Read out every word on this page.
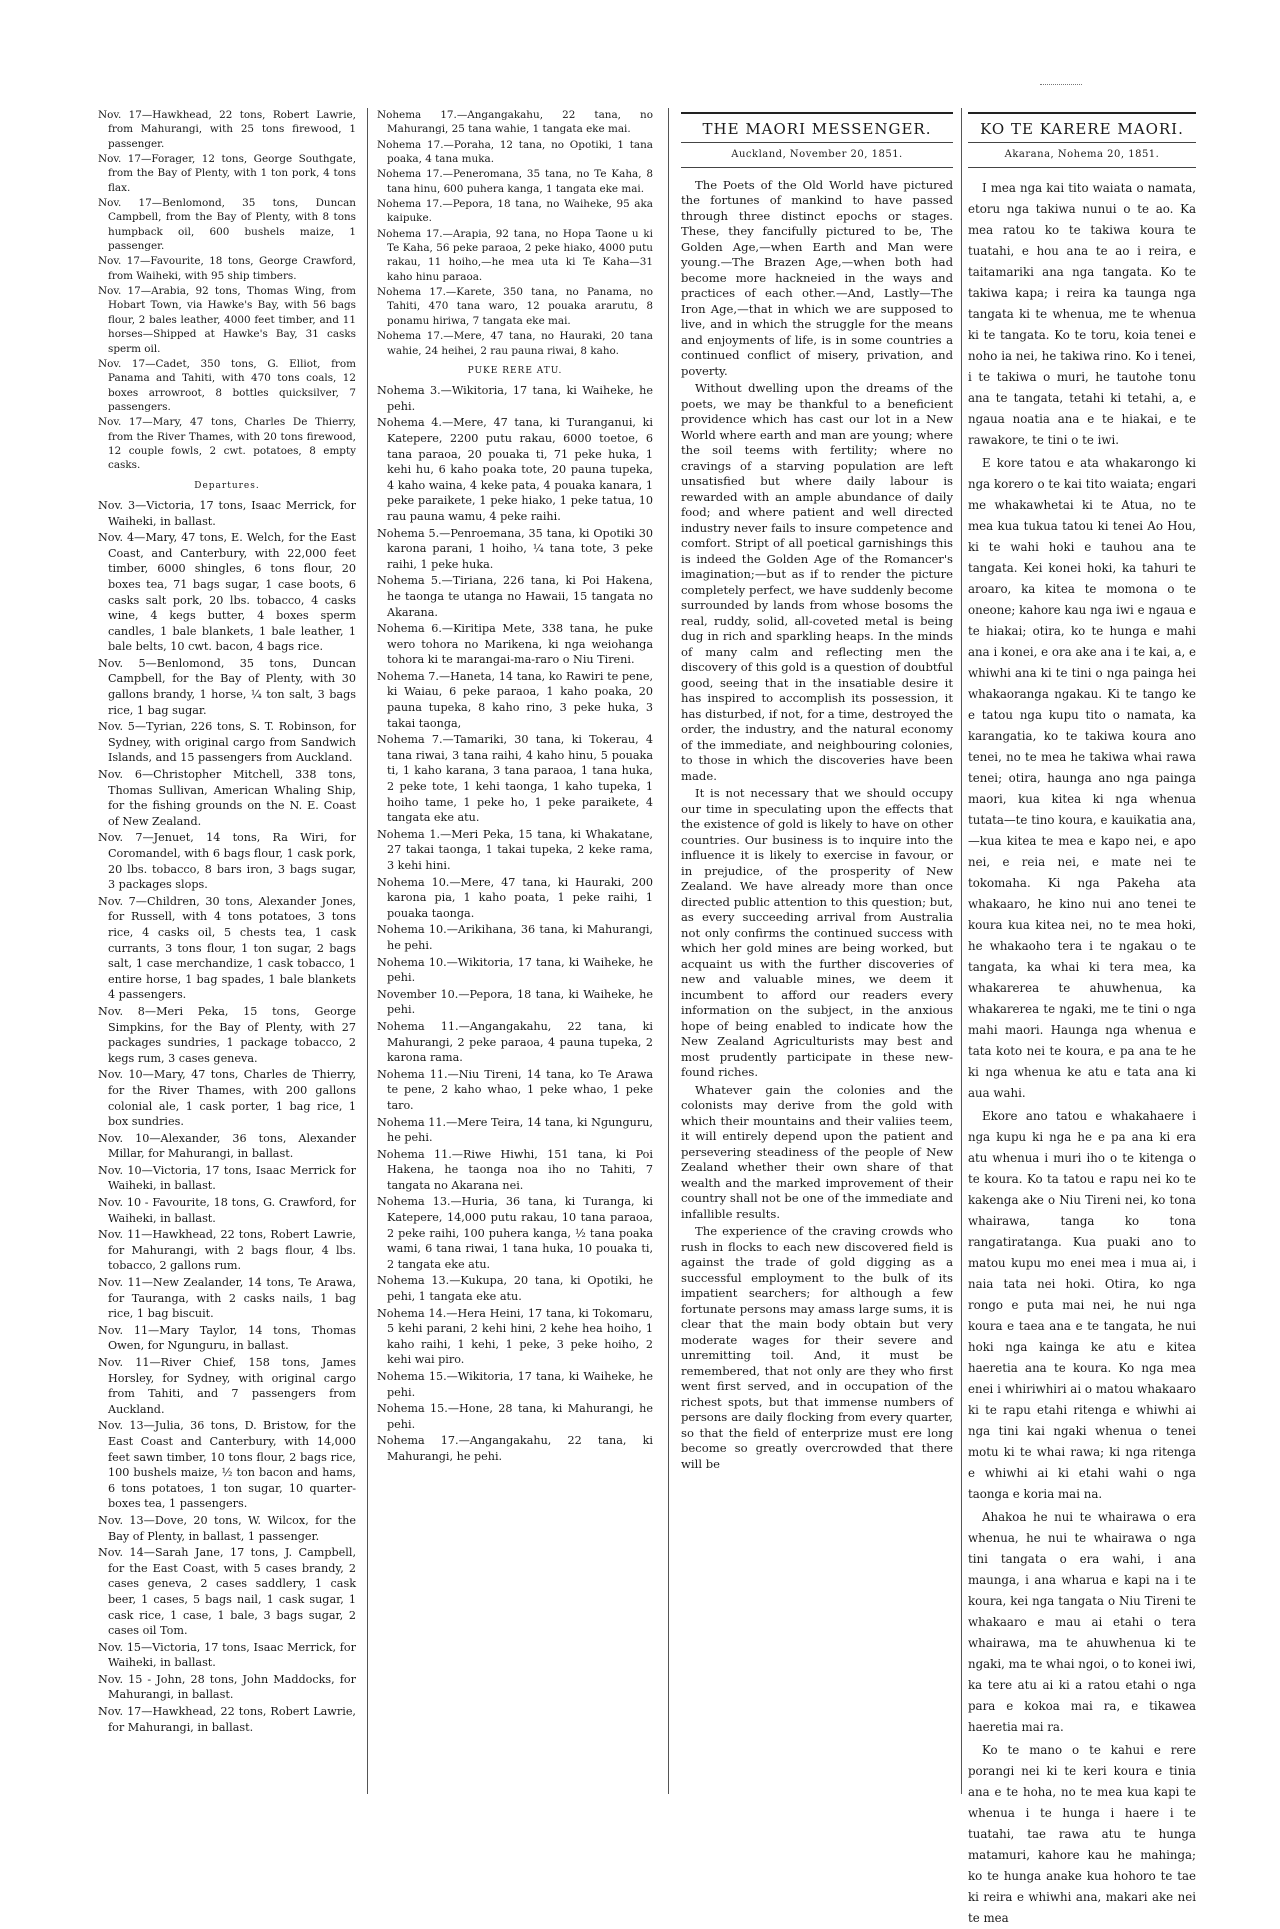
Nov. 17—Hawkhead, 22 tons, Robert Lawrie, from Mahurangi, with 25 tons firewood, 1 passenger.
Nov. 17—Forager, 12 tons, George Southgate, from the Bay of Plenty, with 1 ton pork, 4 tons flax.
Nov. 17—Benlomond, 35 tons, Duncan Campbell, from the Bay of Plenty, with 8 tons humpback oil, 600 bushels maize, 1 passenger.
Nov. 17—Favourite, 18 tons, George Crawford, from Waiheki, with 95 ship timbers.
Nov. 17—Arabia, 92 tons, Thomas Wing, from Hobart Town, via Hawke's Bay, with 56 bags flour, 2 bales leather, 4000 feet timber, and 11 horses—Shipped at Hawke's Bay, 31 casks sperm oil.
Nov. 17—Cadet, 350 tons, G. Elliot, from Panama and Tahiti, with 470 tons coals, 12 boxes arrowroot, 8 bottles quicksilver, 7 passengers.
Nov. 17—Mary, 47 tons, Charles De Thierry, from the River Thames, with 20 tons firewood, 12 couple fowls, 2 cwt. potatoes, 8 empty casks.
Departures.
Nov. 3—Victoria, 17 tons, Isaac Merrick, for Waiheki, in ballast.
Nov. 4—Mary, 47 tons, E. Welch, for the East Coast, and Canterbury, with 22,000 feet timber, 6000 shingles, 6 tons flour, 20 boxes tea, 71 bags sugar, 1 case boots, 6 casks salt pork, 20 lbs. tobacco, 4 casks wine, 4 kegs butter, 4 boxes sperm candles, 1 bale blankets, 1 bale leather, 1 bale belts, 10 cwt. bacon, 4 bags rice.
Nov. 5—Benlomond, 35 tons, Duncan Campbell, for the Bay of Plenty, with 30 gallons brandy, 1 horse, ¼ ton salt, 3 bags rice, 1 bag sugar.
Nov. 5—Tyrian, 226 tons, S. T. Robinson, for Sydney, with original cargo from Sandwich Islands, and 15 passengers from Auckland.
Nov. 6—Christopher Mitchell, 338 tons, Thomas Sullivan, American Whaling Ship, for the fishing grounds on the N. E. Coast of New Zealand.
Nov. 7—Jenuet, 14 tons, Ra Wiri, for Coromandel, with 6 bags flour, 1 cask pork, 20 lbs. tobacco, 8 bars iron, 3 bags sugar, 3 packages slops.
Nov. 7—Children, 30 tons, Alexander Jones, for Russell, with 4 tons potatoes, 3 tons rice, 4 casks oil, 5 chests tea, 1 cask currants, 3 tons flour, 1 ton sugar, 2 bags salt, 1 case merchandize, 1 cask tobacco, 1 entire horse, 1 bag spades, 1 bale blankets 4 passengers.
Nov. 8—Meri Peka, 15 tons, George Simpkins, for the Bay of Plenty, with 27 packages sundries, 1 package tobacco, 2 kegs rum, 3 cases geneva.
Nov. 10—Mary, 47 tons, Charles de Thierry, for the River Thames, with 200 gallons colonial ale, 1 cask porter, 1 bag rice, 1 box sundries.
Nov. 10—Alexander, 36 tons, Alexander Millar, for Mahurangi, in ballast.
Nov. 10—Victoria, 17 tons, Isaac Merrick for Waiheki, in ballast.
Nov. 10 - Favourite, 18 tons, G. Crawford, for Waiheki, in ballast.
Nov. 11—Hawkhead, 22 tons, Robert Lawrie, for Mahurangi, with 2 bags flour, 4 lbs. tobacco, 2 gallons rum.
Nov. 11—New Zealander, 14 tons, Te Arawa, for Tauranga, with 2 casks nails, 1 bag rice, 1 bag biscuit.
Nov. 11—Mary Taylor, 14 tons, Thomas Owen, for Ngunguru, in ballast.
Nov. 11—River Chief, 158 tons, James Horsley, for Sydney, with original cargo from Tahiti, and 7 passengers from Auckland.
Nov. 13—Julia, 36 tons, D. Bristow, for the East Coast and Canterbury, with 14,000 feet sawn timber, 10 tons flour, 2 bags rice, 100 bushels maize, ½ ton bacon and hams, 6 tons potatoes, 1 ton sugar, 10 quarter-boxes tea, 1 passengers.
Nov. 13—Dove, 20 tons, W. Wilcox, for the Bay of Plenty, in ballast, 1 passenger.
Nov. 14—Sarah Jane, 17 tons, J. Campbell, for the East Coast, with 5 cases brandy, 2 cases geneva, 2 cases saddlery, 1 cask beer, 1 cases, 5 bags nail, 1 cask sugar, 1 cask rice, 1 case, 1 bale, 3 bags sugar, 2 cases oil Tom.
Nov. 15—Victoria, 17 tons, Isaac Merrick, for Waiheki, in ballast.
Nov. 15 - John, 28 tons, John Maddocks, for Mahurangi, in ballast.
Nov. 17—Hawkhead, 22 tons, Robert Lawrie, for Mahurangi, in ballast.
Nohema 17.—Angangakahu, 22 tana, no Mahurangi, 25 tana wahie, 1 tangata eke mai.
Nohema 17.—Poraha, 12 tana, no Opotiki, 1 tana poaka, 4 tana muka.
Nohema 17.—Peneromana, 35 tana, no Te Kaha, 8 tana hinu, 600 puhera kanga, 1 tangata eke mai.
Nohema 17.—Pepora, 18 tana, no Waiheke, 95 aka kaipuke.
Nohema 17.—Arapia, 92 tana, no Hopa Taone u ki Te Kaha, 56 peke paraoa, 2 peke hiako, 4000 putu rakau, 11 hoiho,—he mea uta ki Te Kaha—31 kaho hinu paraoa.
Nohema 17.—Karete, 350 tana, no Panama, no Tahiti, 470 tana waro, 12 pouaka ararutu, 8 ponamu hiriwa, 7 tangata eke mai.
Nohema 17.—Mere, 47 tana, no Hauraki, 20 tana wahie, 24 heihei, 2 rau pauna riwai, 8 kaho.
PUKE RERE ATU.
Nohema 3.—Wikitoria, 17 tana, ki Waiheke, he pehi.
Nohema 4.—Mere, 47 tana, ki Turanganui, ki Katepere, 2200 putu rakau, 6000 toetoe, 6 tana paraoa, 20 pouaka ti, 71 peke huka, 1 kehi hu, 6 kaho poaka tote, 20 pauna tupeka, 4 kaho waina, 4 keke pata, 4 pouaka kanara, 1 peke paraikete, 1 peke hiako, 1 peke tatua, 10 rau pauna wamu, 4 peke raihi.
Nohema 5.—Penroemana, 35 tana, ki Opotiki 30 karona parani, 1 hoiho, ¼ tana tote, 3 peke raihi, 1 peke huka.
Nohema 5.—Tiriana, 226 tana, ki Poi Hakena, he taonga te utanga no Hawaii, 15 tangata no Akarana.
Nohema 6.—Kiritipa Mete, 338 tana, he puke wero tohora no Marikena, ki nga weiohanga tohora ki te marangai-ma-raro o Niu Tireni.
Nohema 7.—Haneta, 14 tana, ko Rawiri te pene, ki Waiau, 6 peke paraoa, 1 kaho poaka, 20 pauna tupeka, 8 kaho rino, 3 peke huka, 3 takai taonga,
Nohema 7.—Tamariki, 30 tana, ki Tokerau, 4 tana riwai, 3 tana raihi, 4 kaho hinu, 5 pouaka ti, 1 kaho karana, 3 tana paraoa, 1 tana huka, 2 peke tote, 1 kehi taonga, 1 kaho tupeka, 1 hoiho tame, 1 peke ho, 1 peke paraikete, 4 tangata eke atu.
Nohema 1.—Meri Peka, 15 tana, ki Whakatane, 27 takai taonga, 1 takai tupeka, 2 keke rama, 3 kehi hini.
Nohema 10.—Mere, 47 tana, ki Hauraki, 200 karona pia, 1 kaho poata, 1 peke raihi, 1 pouaka taonga.
Nohema 10.—Arikihana, 36 tana, ki Mahurangi, he pehi.
Nohema 10.—Wikitoria, 17 tana, ki Waiheke, he pehi.
November 10.—Pepora, 18 tana, ki Waiheke, he pehi.
Nohema 11.—Angangakahu, 22 tana, ki Mahurangi, 2 peke paraoa, 4 pauna tupeka, 2 karona rama.
Nohema 11.—Niu Tireni, 14 tana, ko Te Arawa te pene, 2 kaho whao, 1 peke whao, 1 peke taro.
Nohema 11.—Mere Teira, 14 tana, ki Ngunguru, he pehi.
Nohema 11.—Riwe Hiwhi, 151 tana, ki Poi Hakena, he taonga noa iho no Tahiti, 7 tangata no Akarana nei.
Nohema 13.—Huria, 36 tana, ki Turanga, ki Katepere, 14,000 putu rakau, 10 tana paraoa, 2 peke raihi, 100 puhera kanga, ½ tana poaka wami, 6 tana riwai, 1 tana huka, 10 pouaka ti, 2 tangata eke atu.
Nohema 13.—Kukupa, 20 tana, ki Opotiki, he pehi, 1 tangata eke atu.
Nohema 14.—Hera Heini, 17 tana, ki Tokomaru, 5 kehi parani, 2 kehi hini, 2 kehe hea hoiho, 1 kaho raihi, 1 kehi, 1 peke, 3 peke hoiho, 2 kehi wai piro.
Nohema 15.—Wikitoria, 17 tana, ki Waiheke, he pehi.
Nohema 15.—Hone, 28 tana, ki Mahurangi, he pehi.
Nohema 17.—Angangakahu, 22 tana, ki Mahurangi, he pehi.
THE MAORI MESSENGER.
Auckland, November 20, 1851.
The Poets of the Old World have pictured the fortunes of mankind to have passed through three distinct epochs or stages. These, they fancifully pictured to be, The Golden Age,—when Earth and Man were young.—The Brazen Age,—when both had become more hackneied in the ways and practices of each other.—And, Lastly—The Iron Age,—that in which we are supposed to live, and in which the struggle for the means and enjoyments of life, is in some countries a continued conflict of misery, privation, and poverty.
Without dwelling upon the dreams of the poets, we may be thankful to a beneficient providence which has cast our lot in a New World where earth and man are young; where the soil teems with fertility; where no cravings of a starving population are left unsatisfied but where daily labour is rewarded with an ample abundance of daily food; and where patient and well directed industry never fails to insure competence and comfort. Stript of all poetical garnishings this is indeed the Golden Age of the Romancer's imagination;—but as if to render the picture completely perfect, we have suddenly become surrounded by lands from whose bosoms the real, ruddy, solid, all-coveted metal is being dug in rich and sparkling heaps. In the minds of many calm and reflecting men the discovery of this gold is a question of doubtful good, seeing that in the insatiable desire it has inspired to accomplish its possession, it has disturbed, if not, for a time, destroyed the order, the industry, and the natural economy of the immediate, and neighbouring colonies, to those in which the discoveries have been made.
It is not necessary that we should occupy our time in speculating upon the effects that the existence of gold is likely to have on other countries. Our business is to inquire into the influence it is likely to exercise in favour, or in prejudice, of the prosperity of New Zealand. We have already more than once directed public attention to this question; but, as every succeeding arrival from Australia not only confirms the continued success with which her gold mines are being worked, but acquaint us with the further discoveries of new and valuable mines, we deem it incumbent to afford our readers every information on the subject, in the anxious hope of being enabled to indicate how the New Zealand Agriculturists may best and most prudently participate in these new-found riches.
Whatever gain the colonies and the colonists may derive from the gold with which their mountains and their valiies teem, it will entirely depend upon the patient and persevering steadiness of the people of New Zealand whether their own share of that wealth and the marked improvement of their country shall not be one of the immediate and infallible results.
The experience of the craving crowds who rush in flocks to each new discovered field is against the trade of gold digging as a successful employment to the bulk of its impatient searchers; for although a few fortunate persons may amass large sums, it is clear that the main body obtain but very moderate wages for their severe and unremitting toil. And, it must be remembered, that not only are they who first went first served, and in occupation of the richest spots, but that immense numbers of persons are daily flocking from every quarter, so that the field of enterprize must ere long become so greatly overcrowded that there will be
KO TE KARERE MAORI.
Akarana, Nohema 20, 1851.
I mea nga kai tito waiata o namata, etoru nga takiwa nunui o te ao. Ka mea ratou ko te takiwa koura te tuatahi, e hou ana te ao i reira, e taitamariki ana nga tangata. Ko te takiwa kapa; i reira ka taunga nga tangata ki te whenua, me te whenua ki te tangata. Ko te toru, koia tenei e noho ia nei, he takiwa rino. Ko i tenei, i te takiwa o muri, he tautohe tonu ana te tangata, tetahi ki tetahi, a, e ngaua noatia ana e te hiakai, e te rawakore, te tini o te iwi.
E kore tatou e ata whakarongo ki nga korero o te kai tito waiata; engari me whakawhetai ki te Atua, no te mea kua tukua tatou ki tenei Ao Hou, ki te wahi hoki e tauhou ana te tangata. Kei konei hoki, ka tahuri te aroaro, ka kitea te momona o te oneone; kahore kau nga iwi e ngaua e te hiakai; otira, ko te hunga e mahi ana i konei, e ora ake ana i te kai, a, e whiwhi ana ki te tini o nga painga hei whakaorangа ngakau. Ki te tango ke e tatou nga kupu tito o namata, ka karangatia, ko te takiwa koura ano tenei, no te mea he takiwa whai rawa tenei; otira, haunga ano nga painga maori, kua kitea ki nga whenua tutata—te tino koura, e kauikatia ana,—kua kitea te mea e kapo nei, e apo nei, e reia nei, e mate nei te tokomaha. Ki nga Pakeha ata whakaaro, he kino nui ano tenei te koura kua kitea nei, no te mea hoki, he whakaoho tera i te ngakau o te tangata, ka whai ki tera mea, ka whakarerea te ahuwhenua, ka whakarerea te ngaki, me te tini o nga mahi maori. Haunga nga whenua e tata koto nei te koura, e pa ana te he ki nga whenua ke atu e tata ana ki aua wahi.
Ekore ano tatou e whakahaere i nga kupu ki nga he e pa ana ki era atu whenua i muri iho o te kitenga o te koura. Ko ta tatou e rapu nei ko te kakenga ake o Niu Tireni nei, ko tona whairawa, tanga ko tona rangatiratanga. Kua puaki ano to matou kupu mo enei mea i mua ai, i naia tata nei hoki. Otira, ko nga rongo e puta mai nei, he nui nga koura e taea ana e te tangata, he nui hoki nga kainga ke atu e kitea haeretia ana te koura. Ko nga mea enei i whiriwhiri ai o matou whakaaro ki te rapu etahi ritenga e whiwhi ai nga tini kai ngaki whenua o tenei motu ki te whai rawa; ki nga ritenga e whiwhi ai ki etahi wahi o nga taonga e koria mai na.
Ahakoa he nui te whairawa o era whenua, he nui te whairawa o nga tini tangata o era wahi, i ana maunga, i ana wharua e kapi na i te koura, kei nga tangata o Niu Tireni te whakaaro e mau ai etahi o tera whairawa, ma te ahuwhenua ki te ngaki, ma te whai ngoi, o to konei iwi, ka tere atu ai ki a ratou etahi o nga para e kokoa mai ra, e tikawea haeretia mai ra.
Ko te mano o te kahui e rere porangi nei ki te keri koura e tinia ana e te hoha, no te mea kua kapi te whenua i te hunga i haere i te tuatahi, tae rawa atu te hunga matamuri, kahore kau he mahinga; ko te hunga anake kua hohoro te tae ki reira e whiwhi ana, makari ake nei te mea
